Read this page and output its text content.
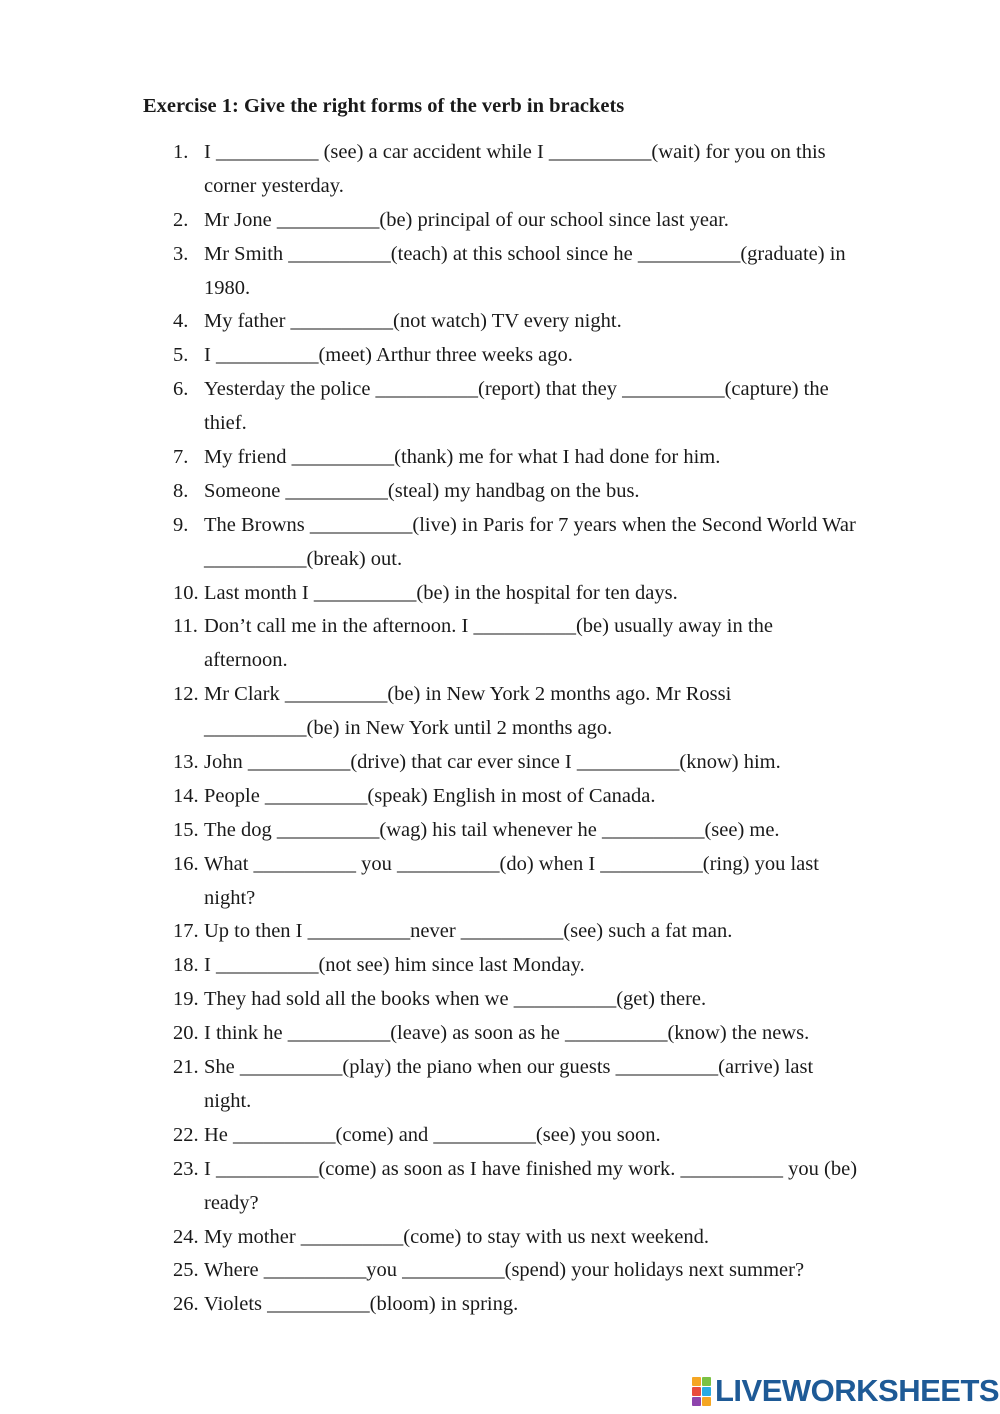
Exercise 1: Give the right forms of the verb in brackets
1. I __________ (see) a car accident while I __________(wait) for you on this
corner yesterday.
2. Mr Jone __________(be) principal of our school since last year.
3. Mr Smith __________(teach) at this school since he __________(graduate) in
1980.
4. My father __________(not watch) TV every night.
5. I __________(meet) Arthur three weeks ago.
6. Yesterday the police __________(report) that they __________(capture) the
thief.
7. My friend __________(thank) me for what I had done for him.
8. Someone __________(steal) my handbag on the bus.
9. The Browns __________(live) in Paris for 7 years when the Second World War
__________(break) out.
10. Last month I __________(be) in the hospital for ten days.
11. Don’t call me in the afternoon. I __________(be) usually away in the
afternoon.
12. Mr Clark __________(be) in New York 2 months ago. Mr Rossi
__________(be) in New York until 2 months ago.
13. John __________(drive) that car ever since I __________(know) him.
14. People __________(speak) English in most of Canada.
15. The dog __________(wag) his tail whenever he __________(see) me.
16. What __________ you __________(do) when I __________(ring) you last
night?
17. Up to then I __________never __________(see) such a fat man.
18. I __________(not see) him since last Monday.
19. They had sold all the books when we __________(get) there.
20. I think he __________(leave) as soon as he __________(know) the news.
21. She __________(play) the piano when our guests __________(arrive) last
night.
22. He __________(come) and __________(see) you soon.
23. I __________(come) as soon as I have finished my work. __________ you (be)
ready?
24. My mother __________(come) to stay with us next weekend.
25. Where __________you __________(spend) your holidays next summer?
26. Violets __________(bloom) in spring.
LIVEWORKSHEETS
